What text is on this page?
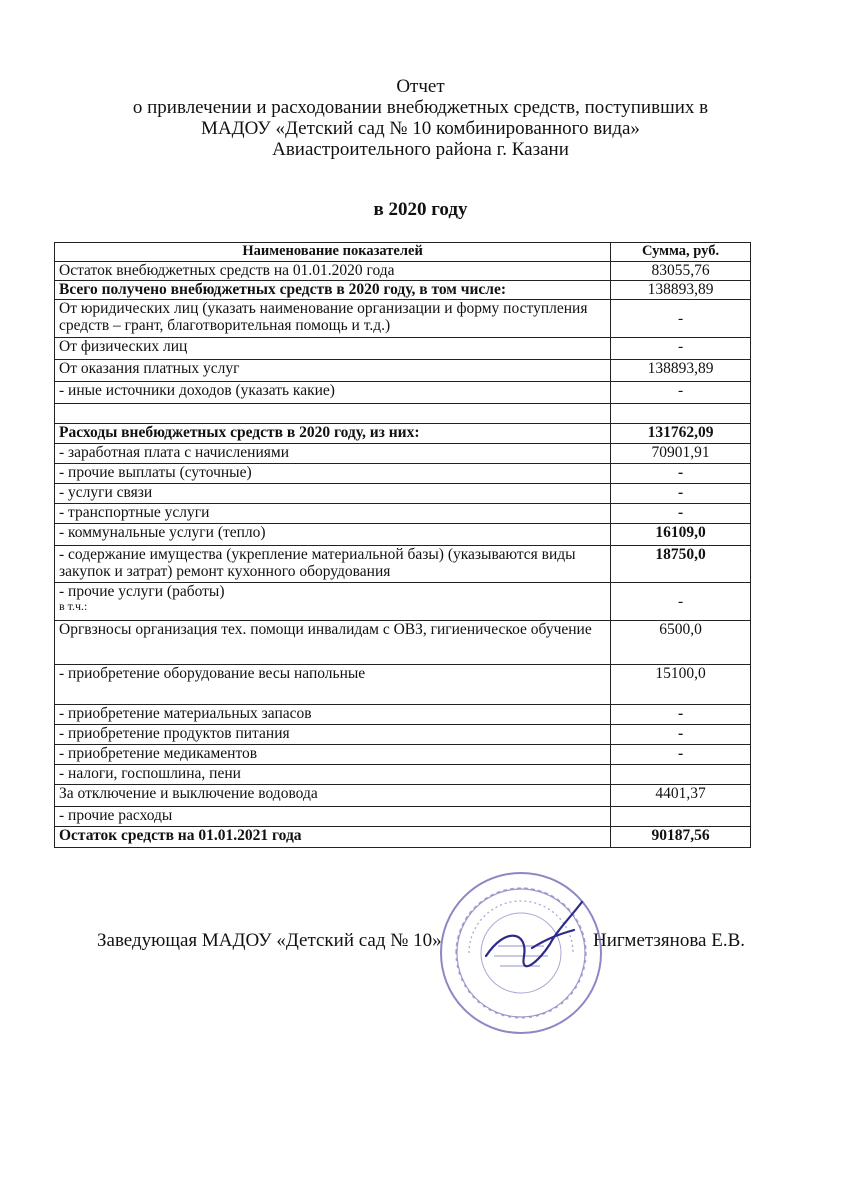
Отчет
о привлечении и расходовании внебюджетных средств, поступивших в
МАДОУ «Детский сад № 10 комбинированного вида»
Авиастроительного района г. Казани
в 2020 году
Наименование показателей	Сумма, руб.
Остаток внебюджетных средств на 01.01.2020 года	83055,76
Всего получено внебюджетных средств в 2020 году, в том числе:	138893,89
От юридических лиц (указать наименование организации и форму поступления средств – грант, благотворительная помощь и т.д.)	-
От физических лиц	-
От оказания платных услуг	138893,89
- иные источники доходов (указать какие)	-

Расходы внебюджетных средств в 2020 году, из них:	131762,09
- заработная плата с начислениями	70901,91
- прочие выплаты (суточные)	-
- услуги связи	-
- транспортные услуги	-
- коммунальные услуги (тепло)	16109,0
- содержание имущества (укрепление материальной базы) (указываются виды закупок и затрат) ремонт кухонного оборудования	18750,0

- прочие услуги (работы)
в т.ч.:	-
Оргвзносы организация тех. помощи инвалидам с ОВЗ, гигиеническое обучение	6500,0
- приобретение оборудование весы напольные	15100,0
- приобретение материальных запасов	-
- приобретение продуктов питания	-
- приобретение медикаментов	-
- налоги, госпошлина, пени	
За отключение и выключение водовода	4401,37
- прочие расходы	
Остаток средств на 01.01.2021 года	90187,56
Заведующая МАДОУ «Детский сад № 10»	Нигметзянова Е.В.
